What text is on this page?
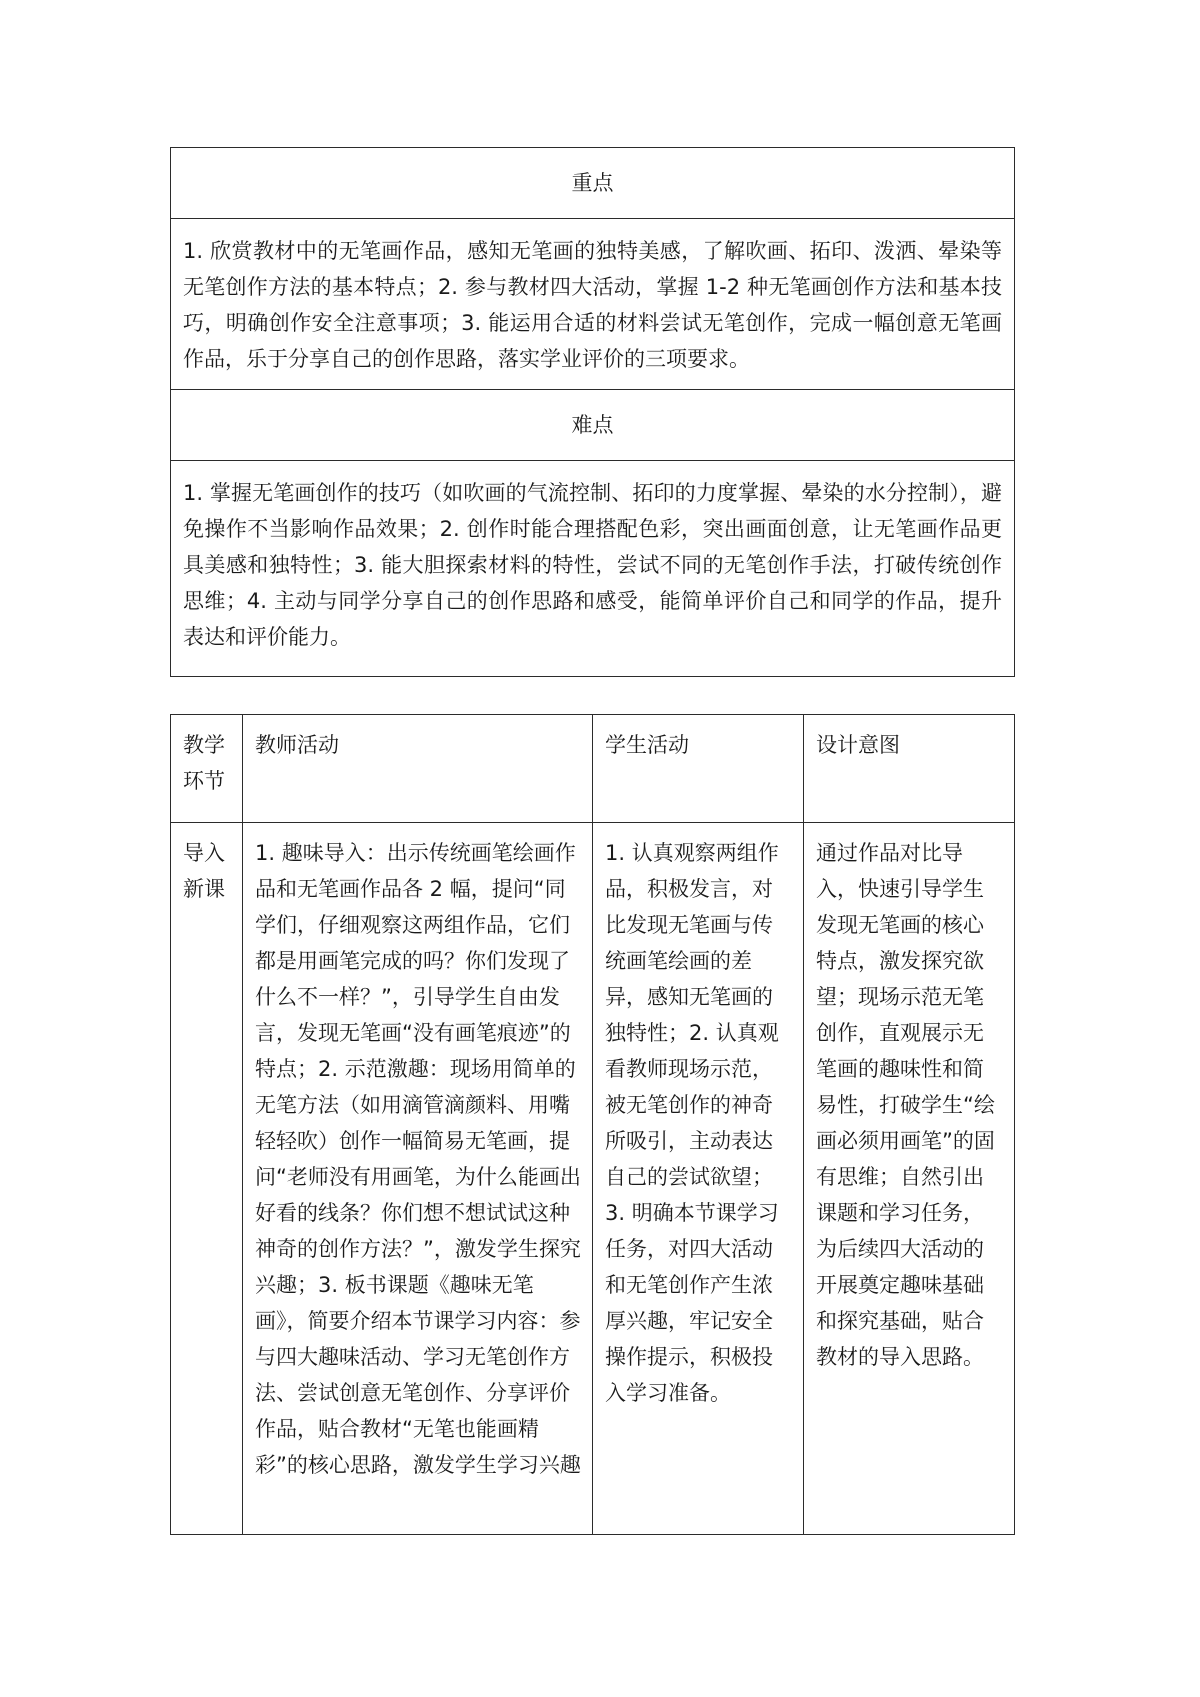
重点
1. 欣赏教材中的无笔画作品，感知无笔画的独特美感，了解吹画、拓印、泼洒、晕染等无笔创作方法的基本特点；2. 参与教材四大活动，掌握 1-2 种无笔画创作方法和基本技巧，明确创作安全注意事项；3. 能运用合适的材料尝试无笔创作，完成一幅创意无笔画作品，乐于分享自己的创作思路，落实学业评价的三项要求。
难点
1. 掌握无笔画创作的技巧（如吹画的气流控制、拓印的力度掌握、晕染的水分控制），避免操作不当影响作品效果；2. 创作时能合理搭配色彩，突出画面创意，让无笔画作品更具美感和独特性；3. 能大胆探索材料的特性，尝试不同的无笔创作手法，打破传统创作思维；4. 主动与同学分享自己的创作思路和感受，能简单评价自己和同学的作品，提升表达和评价能力。
教学环节	教师活动	学生活动	设计意图
导入新课	1. 趣味导入：出示传统画笔绘画作品和无笔画作品各 2 幅，提问“同学们，仔细观察这两组作品，它们都是用画笔完成的吗？你们发现了什么不一样？”，引导学生自由发言，发现无笔画“没有画笔痕迹”的特点；2. 示范激趣：现场用简单的无笔方法（如用滴管滴颜料、用嘴轻轻吹）创作一幅简易无笔画，提问“老师没有用画笔，为什么能画出好看的线条？你们想不想试试这种神奇的创作方法？”，激发学生探究兴趣；3. 板书课题《趣味无笔画》，简要介绍本节课学习内容：参与四大趣味活动、学习无笔创作方法、尝试创意无笔创作、分享评价作品，贴合教材“无笔也能画精彩”的核心思路，激发学生学习兴趣	1. 认真观察两组作品，积极发言，对比发现无笔画与传统画笔绘画的差异，感知无笔画的独特性；2. 认真观看教师现场示范，被无笔创作的神奇所吸引，主动表达自己的尝试欲望；3. 明确本节课学习任务，对四大活动和无笔创作产生浓厚兴趣，牢记安全操作提示，积极投入学习准备。	通过作品对比导入，快速引导学生发现无笔画的核心特点，激发探究欲望；现场示范无笔创作，直观展示无笔画的趣味性和简易性，打破学生“绘画必须用画笔”的固有思维；自然引出课题和学习任务，为后续四大活动的开展奠定趣味基础和探究基础，贴合教材的导入思路。
